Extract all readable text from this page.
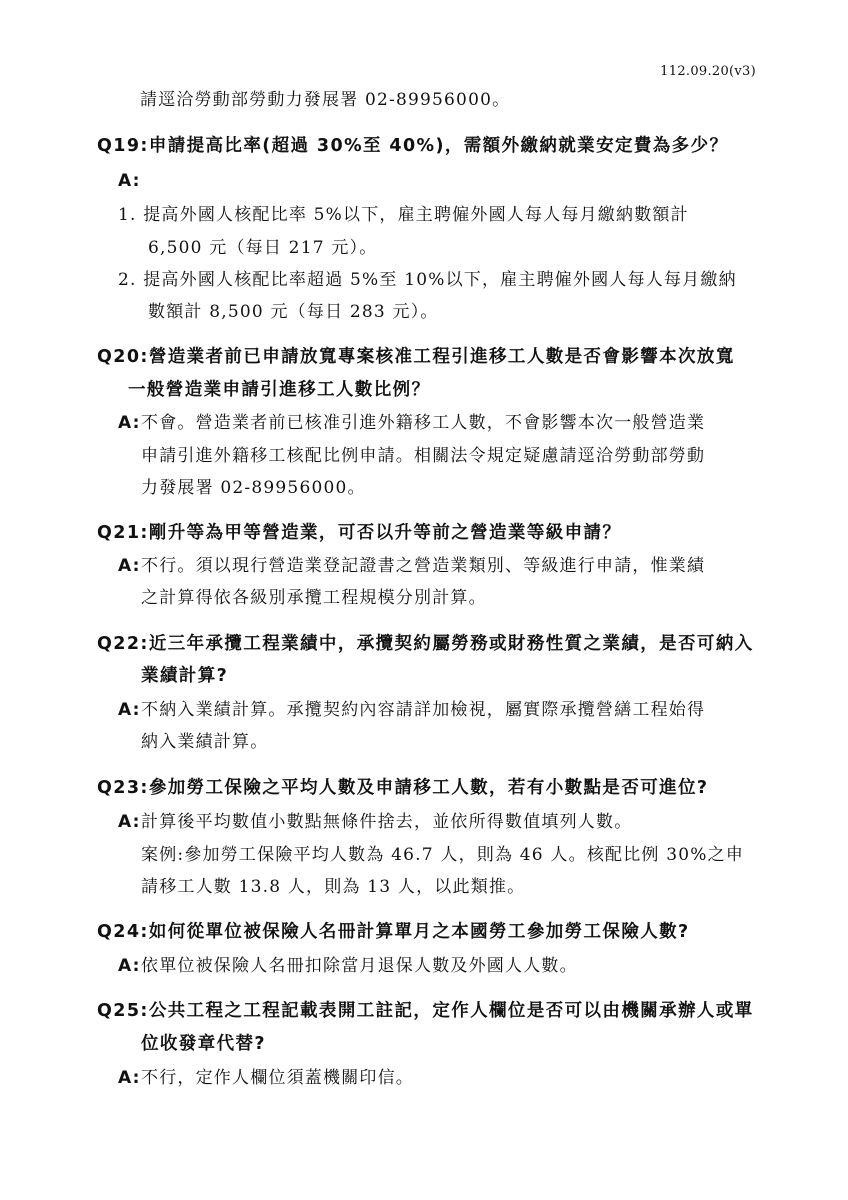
112.09.20(v3)
請逕洽勞動部勞動力發展署 02-89956000。
Q19:申請提高比率(超過 30%至 40%)，需額外繳納就業安定費為多少？
A:
1. 提高外國人核配比率 5%以下，雇主聘僱外國人每人每月繳納數額計
6,500 元（每日 217 元）。
2. 提高外國人核配比率超過 5%至 10%以下，雇主聘僱外國人每人每月繳納
數額計 8,500 元（每日 283 元）。
Q20:營造業者前已申請放寬專案核准工程引進移工人數是否會影響本次放寬
一般營造業申請引進移工人數比例？
A: 不會。營造業者前已核准引進外籍移工人數，不會影響本次一般營造業
申請引進外籍移工核配比例申請。相關法令規定疑慮請逕洽勞動部勞動
力發展署 02-89956000。
Q21:剛升等為甲等營造業，可否以升等前之營造業等級申請？
A: 不行。須以現行營造業登記證書之營造業類別、等級進行申請，惟業績
之計算得依各級別承攬工程規模分別計算。
Q22:近三年承攬工程業績中，承攬契約屬勞務或財務性質之業績，是否可納入
業績計算?
A: 不納入業績計算。承攬契約內容請詳加檢視，屬實際承攬營繕工程始得
納入業績計算。
Q23:參加勞工保險之平均人數及申請移工人數，若有小數點是否可進位?
A: 計算後平均數值小數點無條件捨去，並依所得數值填列人數。
案例:參加勞工保險平均人數為 46.7 人，則為 46 人。核配比例 30%之申
請移工人數 13.8 人，則為 13 人，以此類推。
Q24:如何從單位被保險人名冊計算單月之本國勞工參加勞工保險人數?
A: 依單位被保險人名冊扣除當月退保人數及外國人人數。
Q25:公共工程之工程記載表開工註記，定作人欄位是否可以由機關承辦人或單
位收發章代替?
A: 不行，定作人欄位須蓋機關印信。
